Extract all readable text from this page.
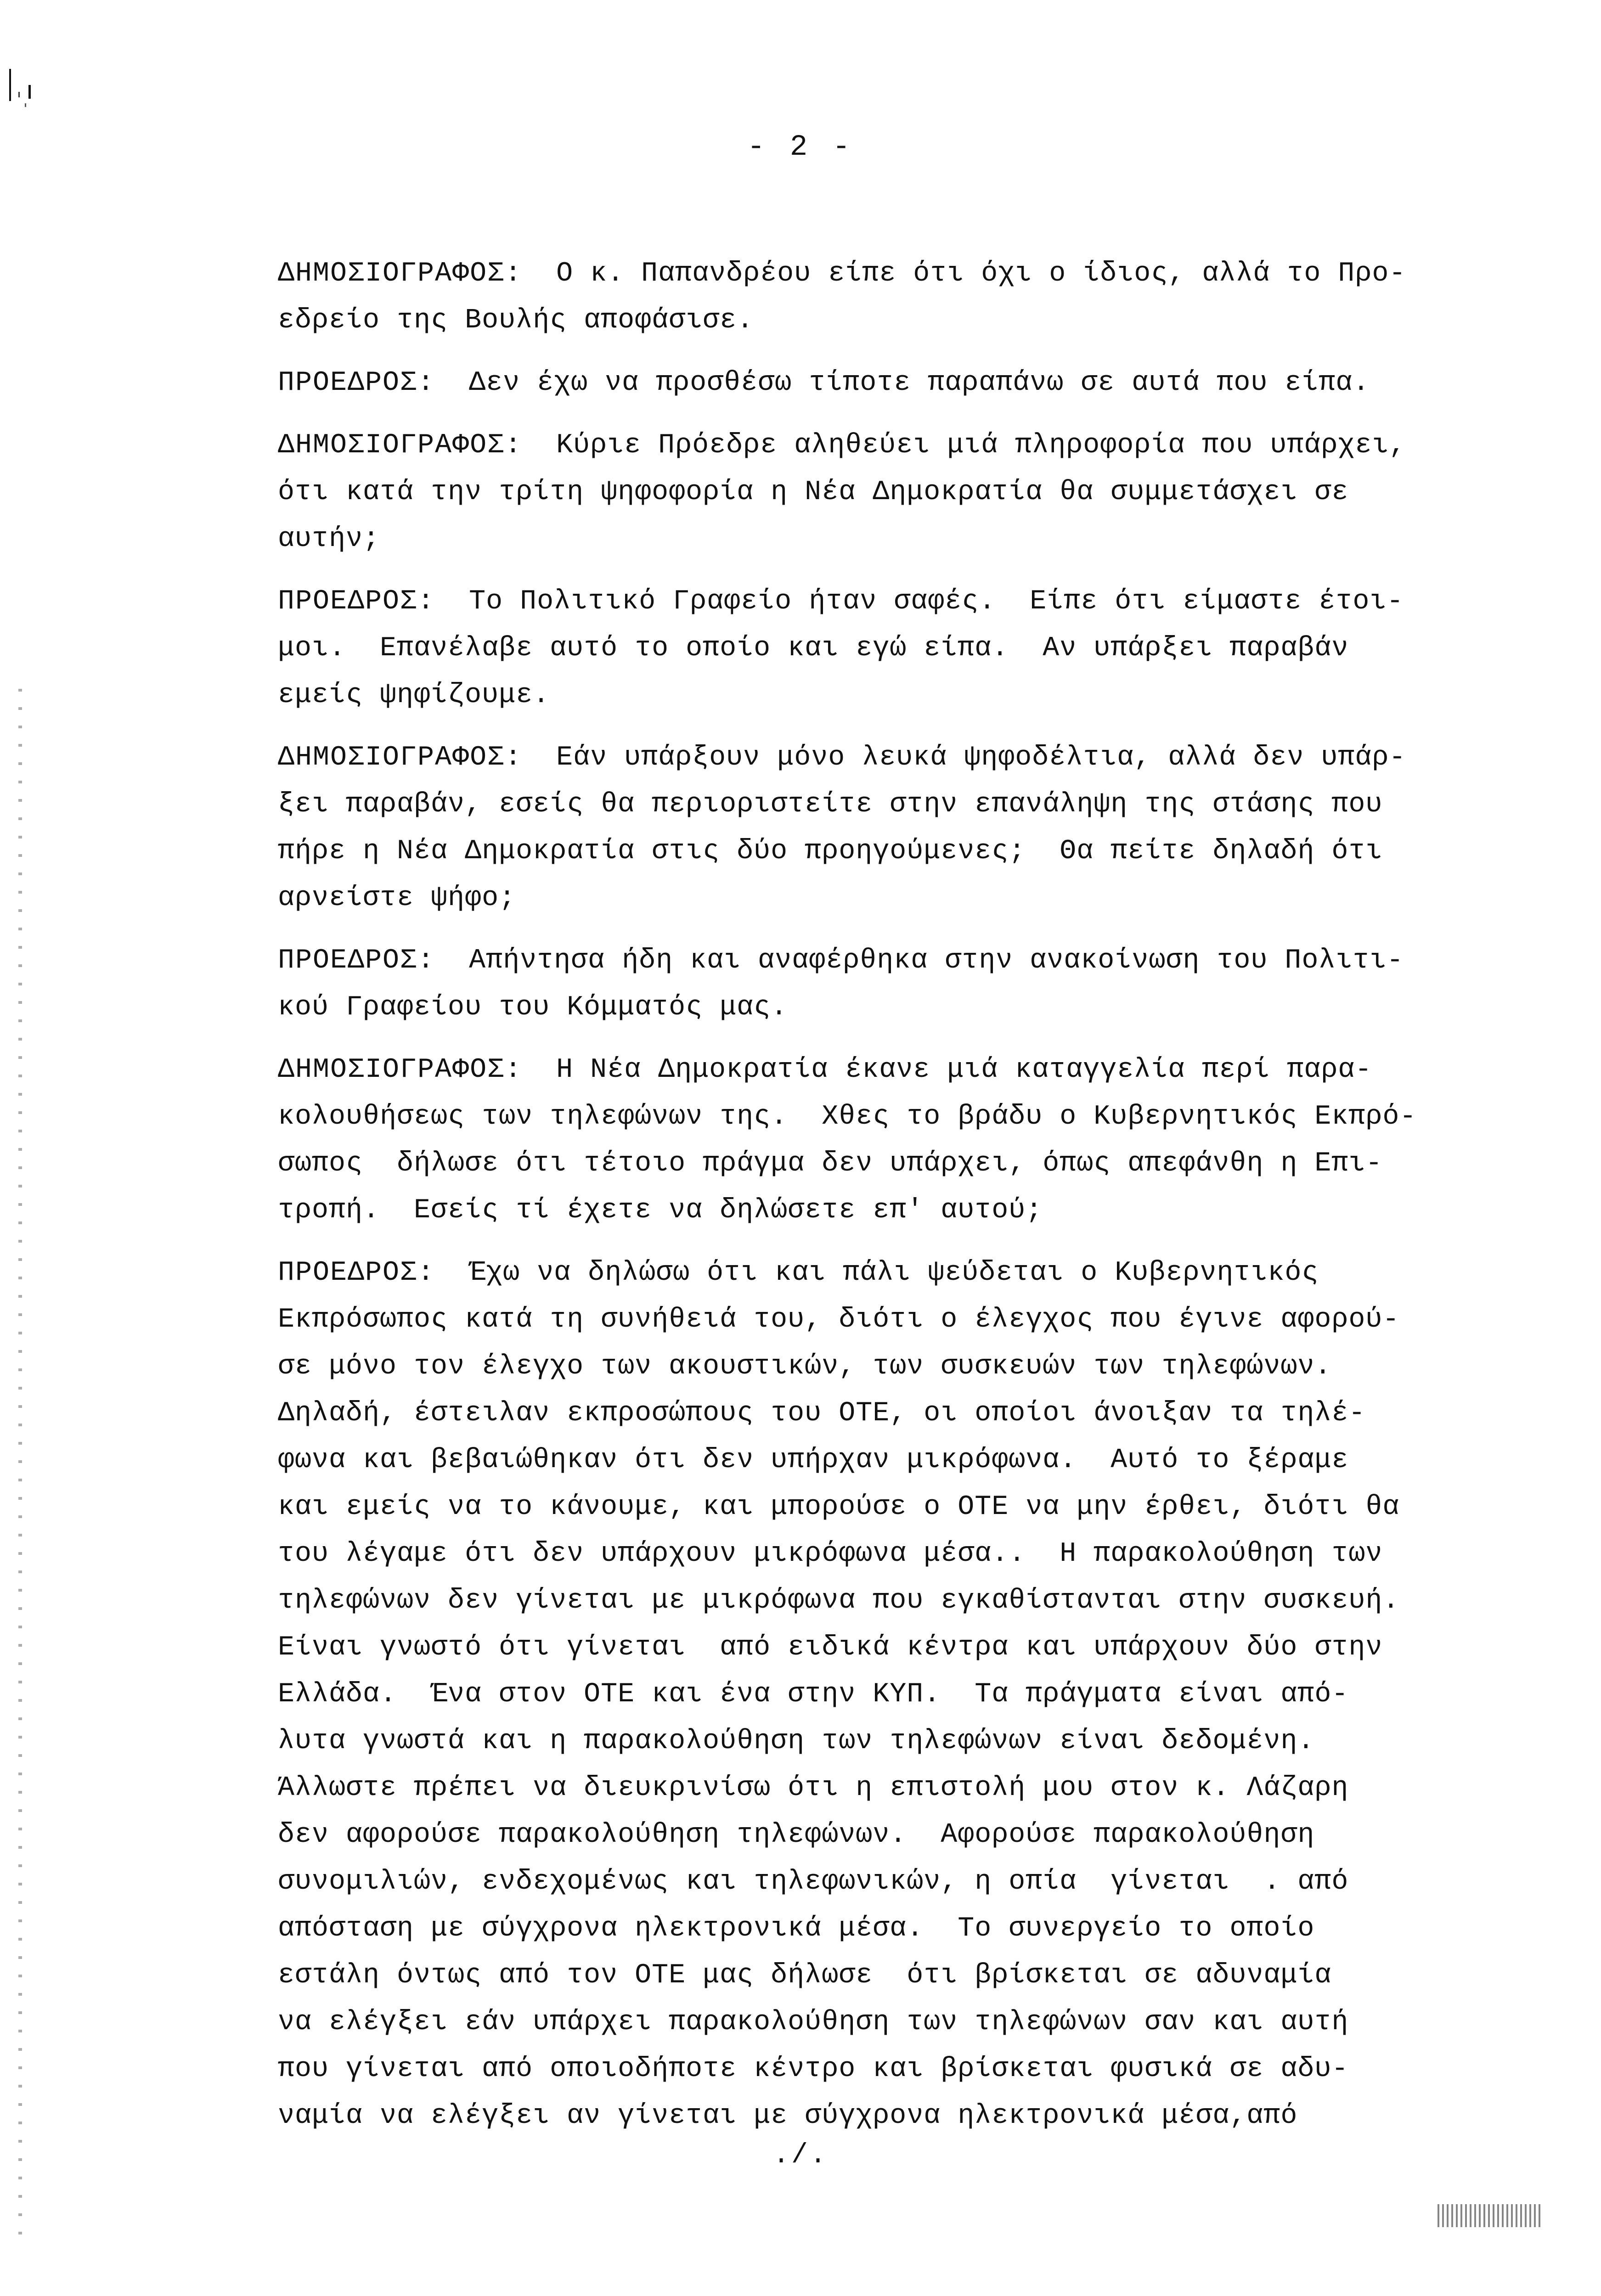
- 2 -
ΔΗΜΟΣΙΟΓΡΑΦΟΣ: Ο κ. Παπανδρέου είπε ότι όχι ο ίδιος, αλλά το Προ-
εδρείο της Βουλής αποφάσισε.
ΠΡΟΕΔΡΟΣ: Δεν έχω να προσθέσω τίποτε παραπάνω σε αυτά που είπα.
ΔΗΜΟΣΙΟΓΡΑΦΟΣ: Κύριε Πρόεδρε αληθεύει μιά πληροφορία που υπάρχει,
ότι κατά την τρίτη ψηφοφορία η Νέα Δημοκρατία θα συμμετάσχει σε
αυτήν;
ΠΡΟΕΔΡΟΣ: Το Πολιτικό Γραφείο ήταν σαφές.  Είπε ότι είμαστε έτοι-
μοι.  Επανέλαβε αυτό το οποίο και εγώ είπα.  Αν υπάρξει παραβάν
εμείς ψηφίζουμε.
ΔΗΜΟΣΙΟΓΡΑΦΟΣ: Εάν υπάρξουν μόνο λευκά ψηφοδέλτια, αλλά δεν υπάρ-
ξει παραβάν, εσείς θα περιοριστείτε στην επανάληψη της στάσης που
πήρε η Νέα Δημοκρατία στις δύο προηγούμενες;  Θα πείτε δηλαδή ότι
αρνείστε ψήφο;
ΠΡΟΕΔΡΟΣ: Απήντησα ήδη και αναφέρθηκα στην ανακοίνωση του Πολιτι-
κού Γραφείου του Κόμματός μας.
ΔΗΜΟΣΙΟΓΡΑΦΟΣ: Η Νέα Δημοκρατία έκανε μιά καταγγελία περί παρα-
κολουθήσεως των τηλεφώνων της.  Χθες το βράδυ ο Κυβερνητικός Εκπρό-
σωπος  δήλωσε ότι τέτοιο πράγμα δεν υπάρχει, όπως απεφάνθη η Επι-
τροπή.  Εσείς τί έχετε να δηλώσετε επ' αυτού;
ΠΡΟΕΔΡΟΣ: Έχω να δηλώσω ότι και πάλι ψεύδεται ο Κυβερνητικός
Εκπρόσωπος κατά τη συνήθειά του, διότι ο έλεγχος που έγινε αφορού-
σε μόνο τον έλεγχο των ακουστικών, των συσκευών των τηλεφώνων.
Δηλαδή, έστειλαν εκπροσώπους του ΟΤΕ, οι οποίοι άνοιξαν τα τηλέ-
φωνα και βεβαιώθηκαν ότι δεν υπήρχαν μικρόφωνα.  Αυτό το ξέραμε
και εμείς να το κάνουμε, και μπορούσε ο ΟΤΕ να μην έρθει, διότι θα
του λέγαμε ότι δεν υπάρχουν μικρόφωνα μέσα..  Η παρακολούθηση των
τηλεφώνων δεν γίνεται με μικρόφωνα που εγκαθίστανται στην συσκευή.
Είναι γνωστό ότι γίνεται  από ειδικά κέντρα και υπάρχουν δύο στην
Ελλάδα.  Ένα στον ΟΤΕ και ένα στην ΚΥΠ.  Τα πράγματα είναι από-
λυτα γνωστά και η παρακολούθηση των τηλεφώνων είναι δεδομένη.
Άλλωστε πρέπει να διευκρινίσω ότι η επιστολή μου στον κ. Λάζαρη
δεν αφορούσε παρακολούθηση τηλεφώνων.  Αφορούσε παρακολούθηση
συνομιλιών, ενδεχομένως και τηλεφωνικών, η οπία  γίνεται  . από
απόσταση με σύγχρονα ηλεκτρονικά μέσα.  Το συνεργείο το οποίο
εστάλη όντως από τον ΟΤΕ μας δήλωσε  ότι βρίσκεται σε αδυναμία
να ελέγξει εάν υπάρχει παρακολούθηση των τηλεφώνων σαν και αυτή
που γίνεται από οποιοδήποτε κέντρο και βρίσκεται φυσικά σε αδυ-
ναμία να ελέγξει αν γίνεται με σύγχρονα ηλεκτρονικά μέσα,από
./.
